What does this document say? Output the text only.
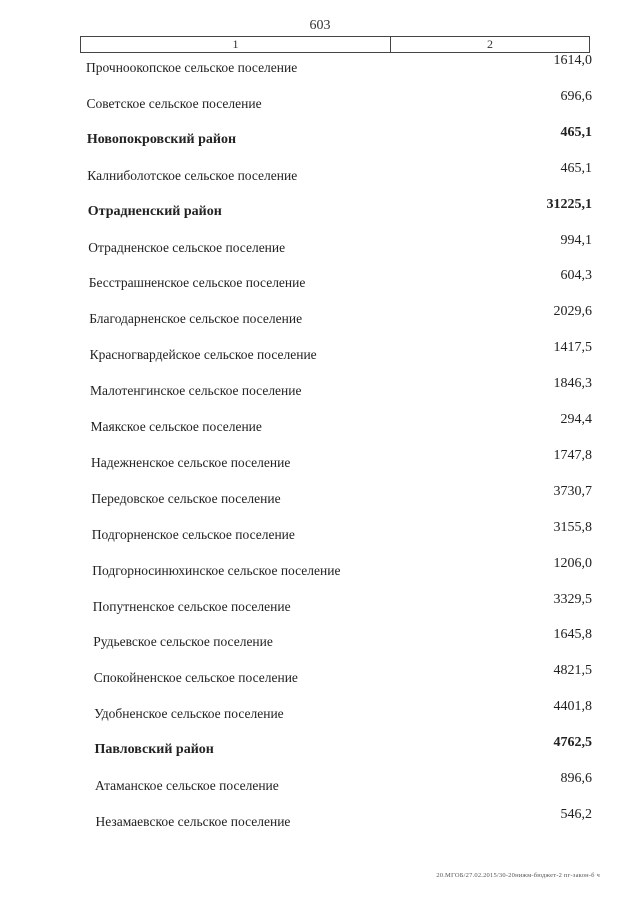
603
1	2
Прочноокопское сельское поселение	1614,0
Советское сельское поселение	696,6
Новопокровский район	465,1
Калниболотское сельское поселение	465,1
Отрадненский район	31225,1
Отрадненское сельское поселение	994,1
Бесстрашненское сельское поселение	604,3
Благодарненское сельское поселение	2029,6
Красногвардейское сельское поселение	1417,5
Малотенгинское сельское поселение	1846,3
Маякское сельское поселение	294,4
Надежненское сельское поселение	1747,8
Передовское сельское поселение	3730,7
Подгорненское сельское поселение	3155,8
Подгорносинюхинское сельское поселение	1206,0
Попутненское сельское поселение	3329,5
Рудьевское сельское поселение	1645,8
Спокойненское сельское поселение	4821,5
Удобненское сельское поселение	4401,8
Павловский район	4762,5
Атаманское сельское поселение	896,6
Незамаевское сельское поселение	546,2
20.МГОБ/27.02.2015/30-20нижм-бюджет-2 пг-закон-б ч
